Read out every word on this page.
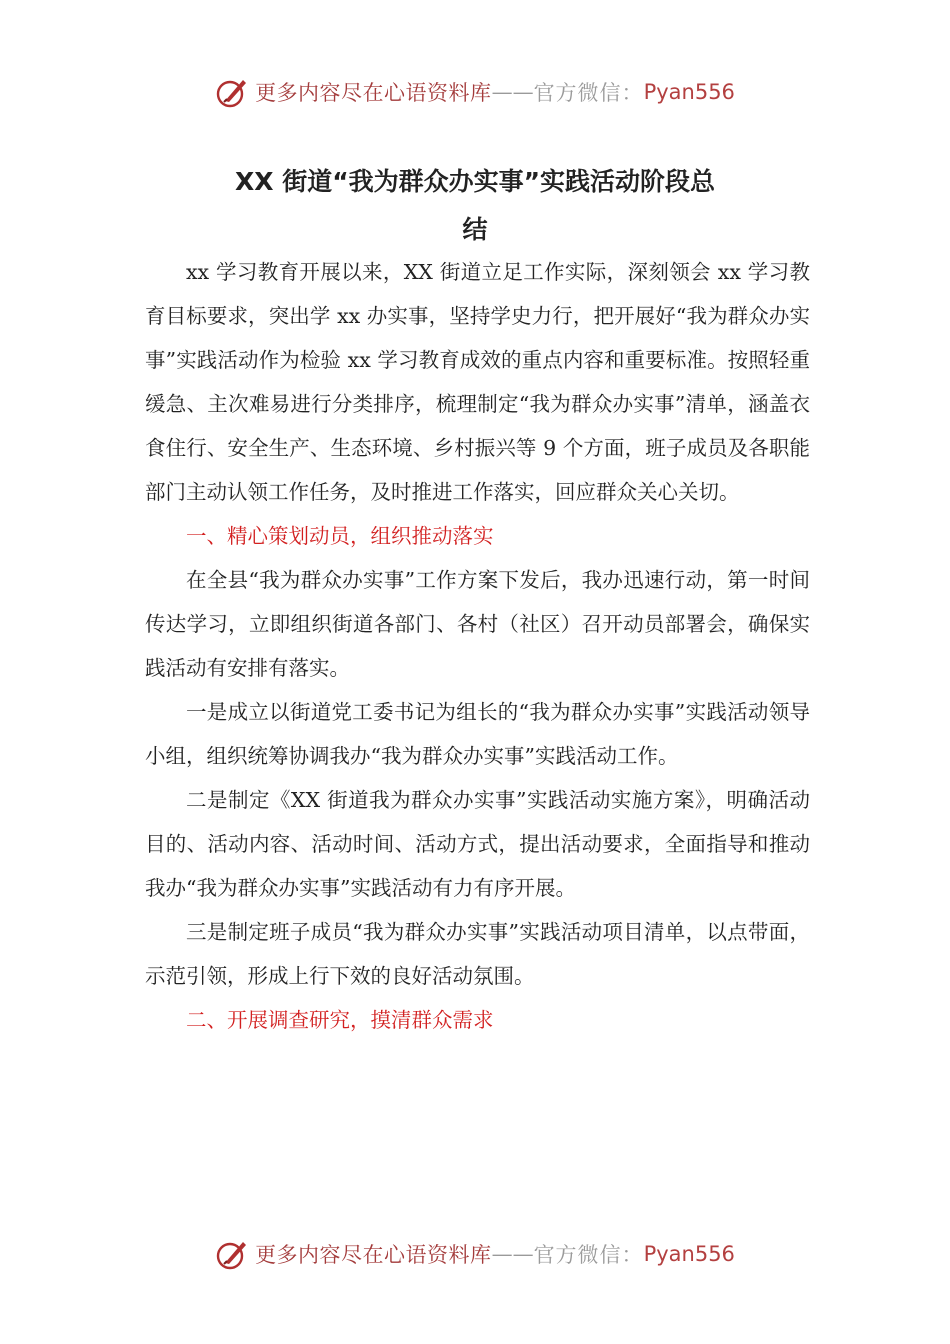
更多内容尽在心语资料库 —— 官方微信： Pyan556
XX 街道“我为群众办实事”实践活动阶段总
结

xx 学习教育开展以来，XX 街道立足工作实际，深刻领会 xx 学习教育目标要求，突出学 xx 办实事，坚持学史力行，把开展好“我为群众办实事”实践活动作为检验 xx 学习教育成效的重点内容和重要标准。按照轻重缓急、主次难易进行分类排序，梳理制定“我为群众办实事”清单，涵盖衣食住行、安全生产、生态环境、乡村振兴等 9 个方面，班子成员及各职能部门主动认领工作任务，及时推进工作落实，回应群众关心关切。

一、精心策划动员，组织推动落实

在全县“我为群众办实事”工作方案下发后，我办迅速行动，第一时间传达学习，立即组织街道各部门、各村（社区）召开动员部署会，确保实践活动有安排有落实。

一是成立以街道党工委书记为组长的“我为群众办实事”实践活动领导小组，组织统筹协调我办“我为群众办实事”实践活动工作。

二是制定《XX 街道我为群众办实事”实践活动实施方案》，明确活动目的、活动内容、活动时间、活动方式，提出活动要求，全面指导和推动我办“我为群众办实事”实践活动有力有序开展。

三是制定班子成员“我为群众办实事”实践活动项目清单，以点带面，示范引领，形成上行下效的良好活动氛围。

二、开展调查研究，摸清群众需求

更多内容尽在心语资料库 —— 官方微信： Pyan556
